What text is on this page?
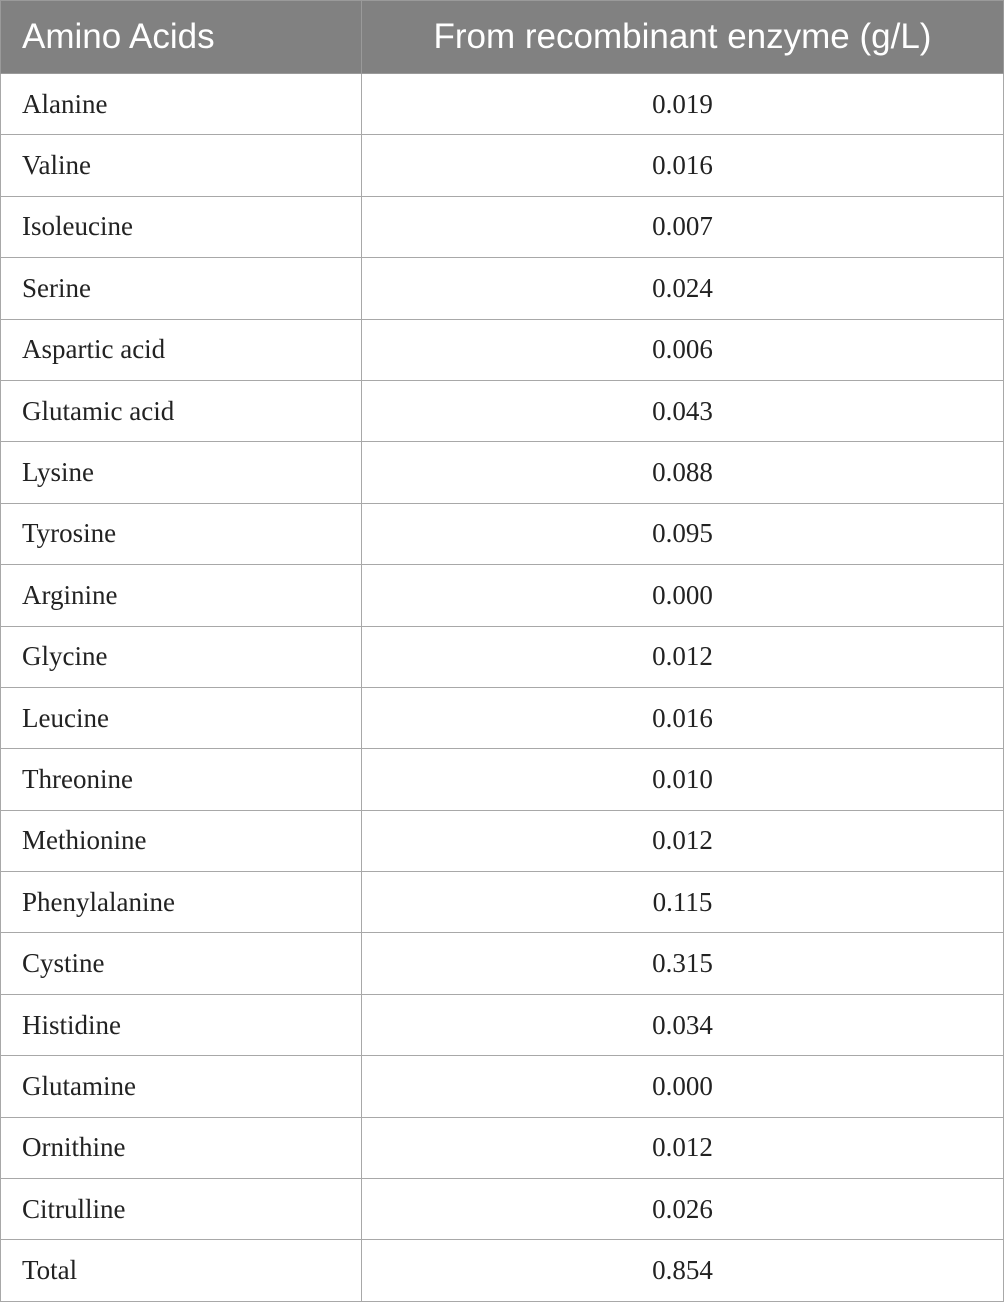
Amino Acids	From recombinant enzyme (g/L)
Alanine	0.019
Valine	0.016
Isoleucine	0.007
Serine	0.024
Aspartic acid	0.006
Glutamic acid	0.043
Lysine	0.088
Tyrosine	0.095
Arginine	0.000
Glycine	0.012
Leucine	0.016
Threonine	0.010
Methionine	0.012
Phenylalanine	0.115
Cystine	0.315
Histidine	0.034
Glutamine	0.000
Ornithine	0.012
Citrulline	0.026
Total	0.854
